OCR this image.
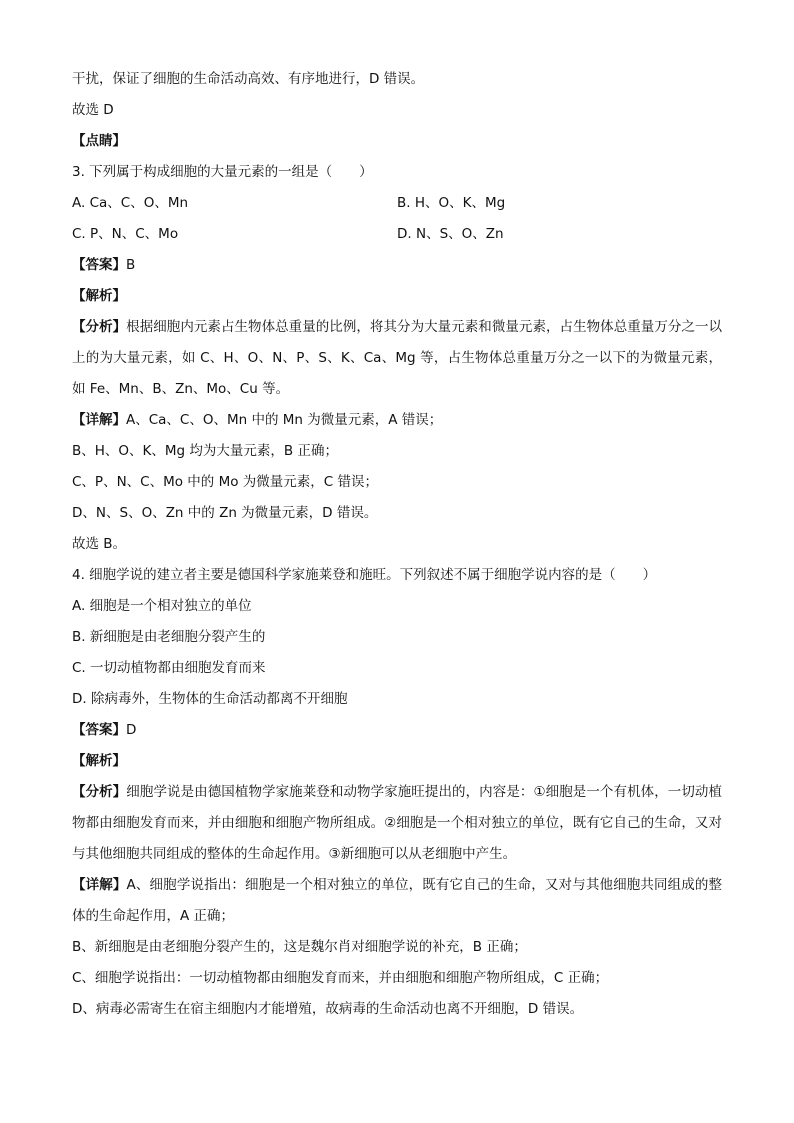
干扰，保证了细胞的生命活动高效、有序地进行，D 错误。
故选 D
【点睛】
3. 下列属于构成细胞的大量元素的一组是（　　）
A. Ca、C、O、Mn	B. H、O、K、Mg
C. P、N、C、Mo	D. N、S、O、Zn
【答案】B
【解析】
【分析】根据细胞内元素占生物体总重量的比例，将其分为大量元素和微量元素，占生物体总重量万分之一以上的为大量元素，如 C、H、O、N、P、S、K、Ca、Mg 等，占生物体总重量万分之一以下的为微量元素，如 Fe、Mn、B、Zn、Mo、Cu 等。
【详解】A、Ca、C、O、Mn 中的 Mn 为微量元素，A 错误；
B、H、O、K、Mg 均为大量元素，B 正确；
C、P、N、C、Mo 中的 Mo 为微量元素，C 错误；
D、N、S、O、Zn 中的 Zn 为微量元素，D 错误。
故选 B。
4. 细胞学说的建立者主要是德国科学家施莱登和施旺。下列叙述不属于细胞学说内容的是（　　）
A. 细胞是一个相对独立的单位
B. 新细胞是由老细胞分裂产生的
C. 一切动植物都由细胞发育而来
D. 除病毒外，生物体的生命活动都离不开细胞
【答案】D
【解析】
【分析】细胞学说是由德国植物学家施莱登和动物学家施旺提出的，内容是：①细胞是一个有机体，一切动植物都由细胞发育而来，并由细胞和细胞产物所组成。②细胞是一个相对独立的单位，既有它自己的生命，又对与其他细胞共同组成的整体的生命起作用。③新细胞可以从老细胞中产生。
【详解】A、细胞学说指出：细胞是一个相对独立的单位，既有它自己的生命，又对与其他细胞共同组成的整体的生命起作用，A 正确；
B、新细胞是由老细胞分裂产生的，这是魏尔肖对细胞学说的补充，B 正确；
C、细胞学说指出：一切动植物都由细胞发育而来，并由细胞和细胞产物所组成，C 正确；
D、病毒必需寄生在宿主细胞内才能增殖，故病毒的生命活动也离不开细胞，D 错误。
